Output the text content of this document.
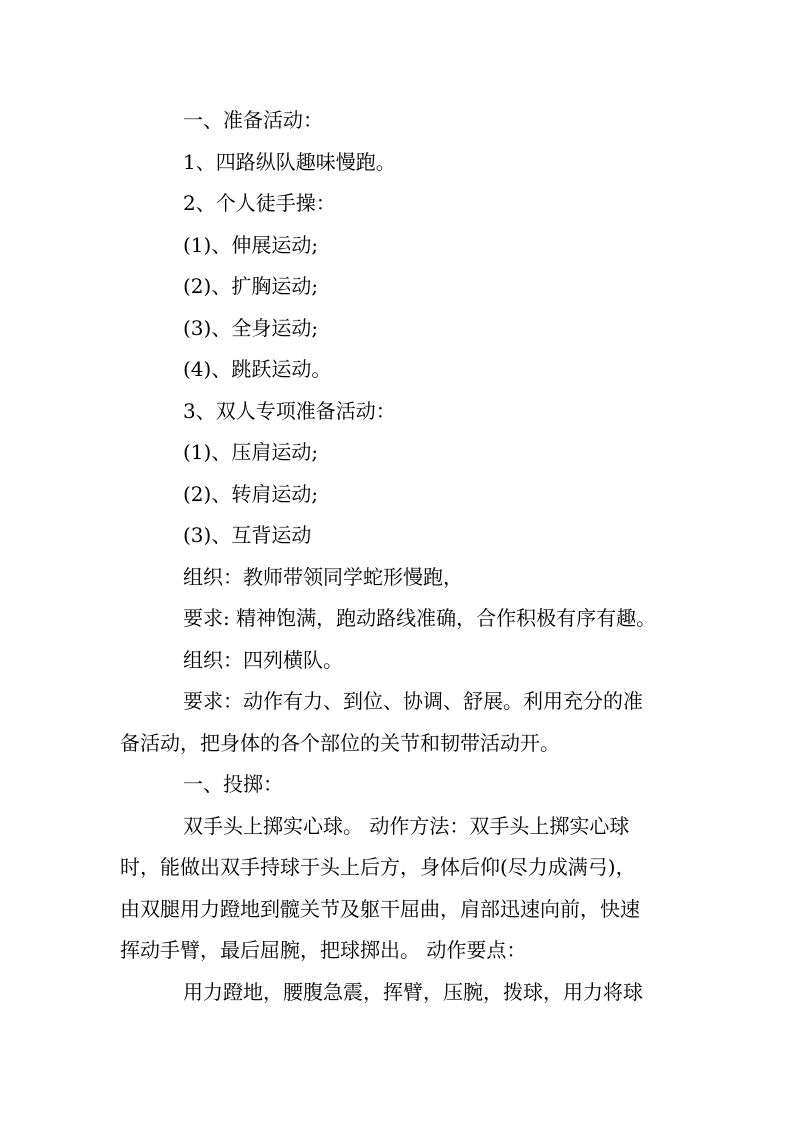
一、准备活动：

1、四路纵队趣味慢跑。

2、个人徒手操：

(1)、伸展运动;

(2)、扩胸运动;

(3)、全身运动;

(4)、跳跃运动。

3、双人专项准备活动：

(1)、压肩运动;

(2)、转肩运动;

(3)、互背运动

组织：教师带领同学蛇形慢跑，

要求: 精神饱满，跑动路线准确，合作积极有序有趣。

组织：四列横队。

要求：动作有力、到位、协调、舒展。利用充分的准

备活动，把身体的各个部位的关节和韧带活动开。

一、投掷：

双手头上掷实心球。 动作方法：双手头上掷实心球

时，能做出双手持球于头上后方，身体后仰(尽力成满弓)，

由双腿用力蹬地到髋关节及躯干屈曲，肩部迅速向前，快速

挥动手臂，最后屈腕，把球掷出。 动作要点：

用力蹬地，腰腹急震，挥臂，压腕，拨球，用力将球
